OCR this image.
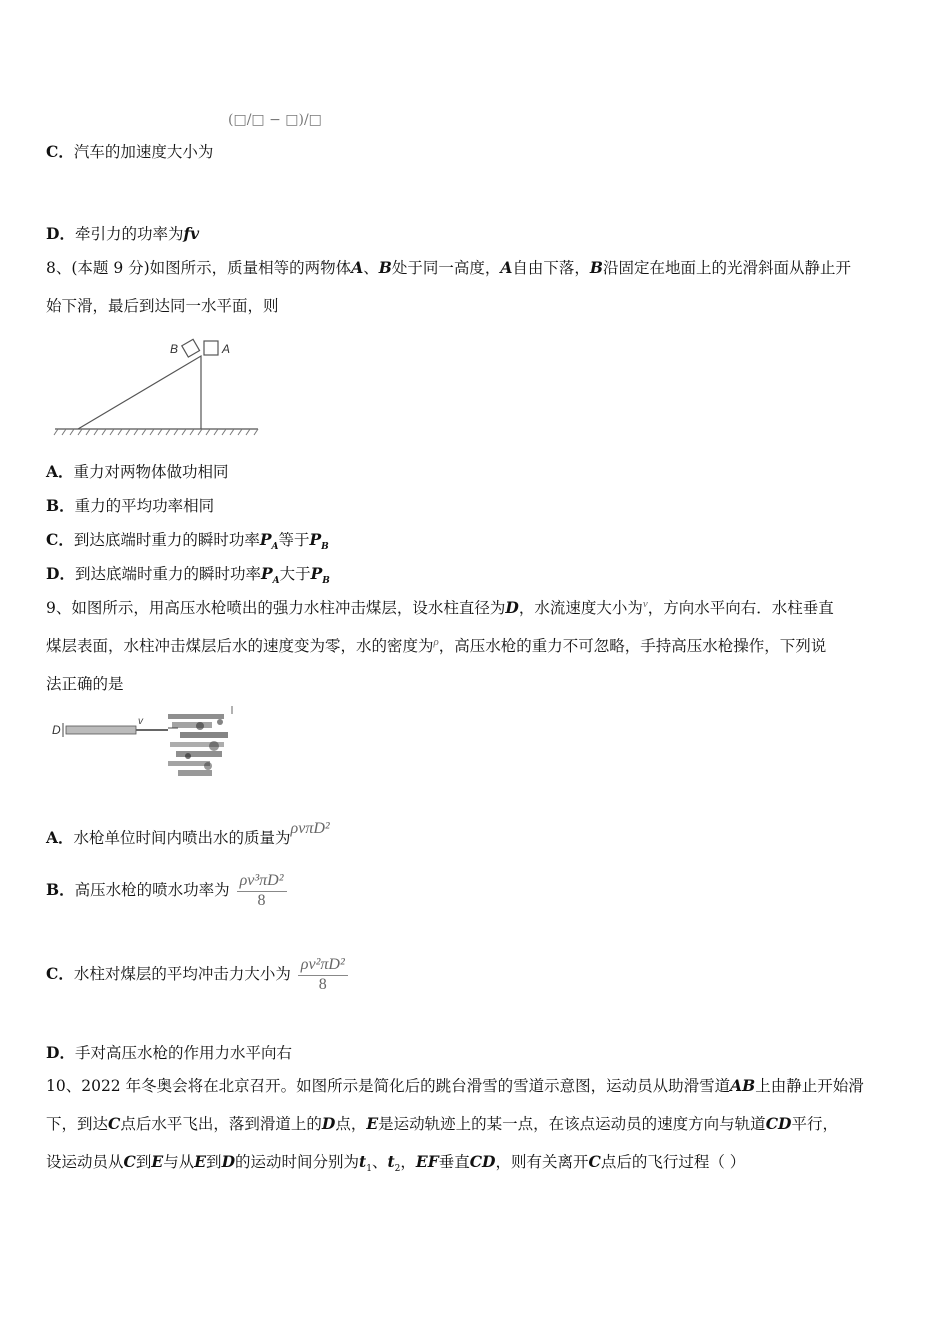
(□/□ − □)/□
C．汽车的加速度大小为
D．牵引力的功率为fv
8、(本题 9 分)如图所示，质量相等的两物体A、B处于同一高度，A自由下落，B沿固定在地面上的光滑斜面从静止开
始下滑，最后到达同一水平面，则
B	A
A．重力对两物体做功相同
B．重力的平均功率相同
C．到达底端时重力的瞬时功率$P_A$等于$P_B$
D．到达底端时重力的瞬时功率$P_A$大于$P_B$
9、如图所示，用高压水枪喷出的强力水柱冲击煤层，设水柱直径为D，水流速度大小为$^v$，方向水平向右．水柱垂直
煤层表面，水柱冲击煤层后水的速度变为零，水的密度为$^\rho$，高压水枪的重力不可忽略，手持高压水枪操作，下列说
法正确的是
D
v
A．水枪单位时间内喷出水的质量为ρvπD²
B．高压水枪的喷水功率为 $\frac{\text{ρv³πD²}}{8}$
C．水柱对煤层的平均冲击力大小为 $\frac{\text{ρv²πD²}}{8}$
D．手对高压水枪的作用力水平向右
10、2022 年冬奥会将在北京召开。如图所示是简化后的跳台滑雪的雪道示意图，运动员从助滑雪道AB上由静止开始滑
下，到达C点后水平飞出，落到滑道上的D点，E是运动轨迹上的某一点，在该点运动员的速度方向与轨道CD平行，
设运动员从C到E与从E到D的运动时间分别为$t_1$、$t_2$，EF垂直CD，则有关离开C点后的飞行过程（ ）
